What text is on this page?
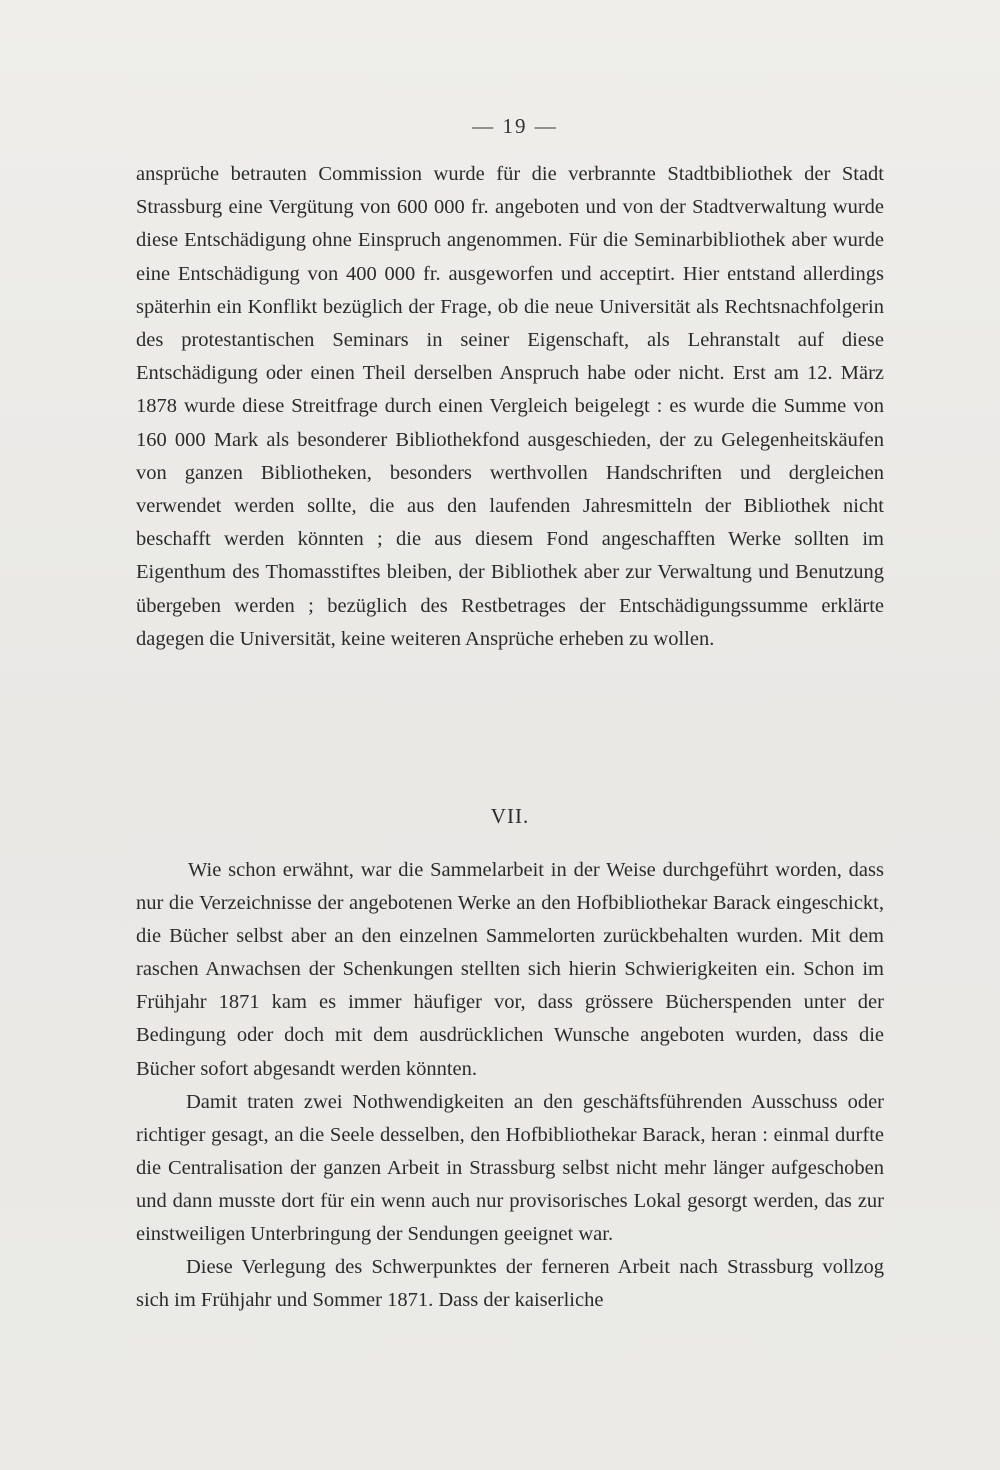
— 19 —

ansprüche betrauten Commission wurde für die verbrannte Stadtbibliothek der Stadt Strassburg eine Vergütung von 600 000 fr. angeboten und von der Stadtverwaltung wurde diese Entschädigung ohne Einspruch angenommen. Für die Seminarbibliothek aber wurde eine Entschädigung von 400 000 fr. ausgeworfen und acceptirt. Hier entstand allerdings späterhin ein Konflikt bezüglich der Frage, ob die neue Universität als Rechtsnachfolgerin des protestantischen Seminars in seiner Eigenschaft, als Lehranstalt auf diese Entschädigung oder einen Theil derselben Anspruch habe oder nicht. Erst am 12. März 1878 wurde diese Streitfrage durch einen Vergleich beigelegt : es wurde die Summe von 160 000 Mark als besonderer Bibliothekfond ausgeschieden, der zu Gelegenheitskäufen von ganzen Bibliotheken, besonders werthvollen Handschriften und dergleichen verwendet werden sollte, die aus den laufenden Jahresmitteln der Bibliothek nicht beschafft werden könnten ; die aus diesem Fond angeschafften Werke sollten im Eigenthum des Thomasstiftes bleiben, der Bibliothek aber zur Verwaltung und Benutzung übergeben werden ; bezüglich des Restbetrages der Entschädigungssumme erklärte dagegen die Universität, keine weiteren Ansprüche erheben zu wollen.

VII.

Wie schon erwähnt, war die Sammelarbeit in der Weise durchgeführt worden, dass nur die Verzeichnisse der angebotenen Werke an den Hofbibliothekar Barack eingeschickt, die Bücher selbst aber an den einzelnen Sammelorten zurückbehalten wurden. Mit dem raschen Anwachsen der Schenkungen stellten sich hierin Schwierigkeiten ein. Schon im Frühjahr 1871 kam es immer häufiger vor, dass grössere Bücherspenden unter der Bedingung oder doch mit dem ausdrücklichen Wunsche angeboten wurden, dass die Bücher sofort abgesandt werden könnten.

Damit traten zwei Nothwendigkeiten an den geschäftsführenden Ausschuss oder richtiger gesagt, an die Seele desselben, den Hofbibliothekar Barack, heran : einmal durfte die Centralisation der ganzen Arbeit in Strassburg selbst nicht mehr länger aufgeschoben und dann musste dort für ein wenn auch nur provisorisches Lokal gesorgt werden, das zur einstweiligen Unterbringung der Sendungen geeignet war.

Diese Verlegung des Schwerpunktes der ferneren Arbeit nach Strassburg vollzog sich im Frühjahr und Sommer 1871. Dass der kaiserliche
